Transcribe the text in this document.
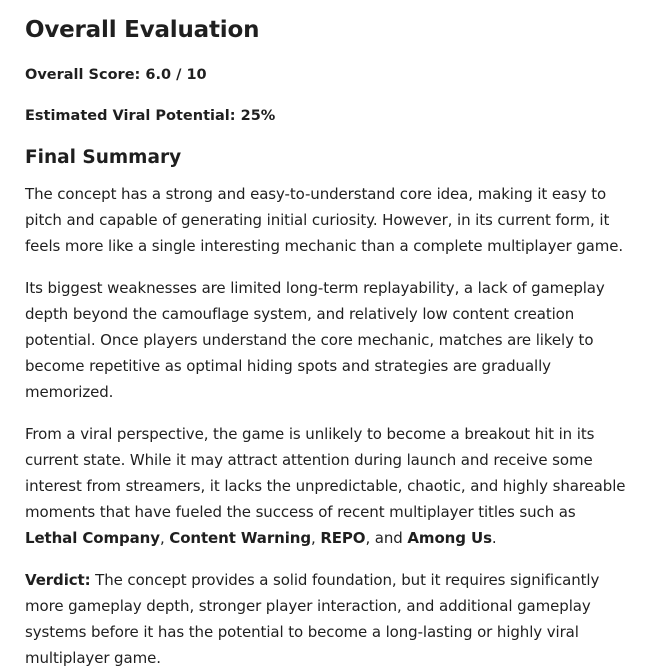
Overall Evaluation
Overall Score: 6.0 / 10
Estimated Viral Potential: 25%
Final Summary

The concept has a strong and easy-to-understand core idea, making it easy to pitch and capable of generating initial curiosity. However, in its current form, it feels more like a single interesting mechanic than a complete multiplayer game.

Its biggest weaknesses are limited long-term replayability, a lack of gameplay depth beyond the camouflage system, and relatively low content creation potential. Once players understand the core mechanic, matches are likely to become repetitive as optimal hiding spots and strategies are gradually memorized.

From a viral perspective, the game is unlikely to become a breakout hit in its current state. While it may attract attention during launch and receive some interest from streamers, it lacks the unpredictable, chaotic, and highly shareable moments that have fueled the success of recent multiplayer titles such as Lethal Company, Content Warning, REPO, and Among Us.

Verdict: The concept provides a solid foundation, but it requires significantly more gameplay depth, stronger player interaction, and additional gameplay systems before it has the potential to become a long-lasting or highly viral multiplayer game.
